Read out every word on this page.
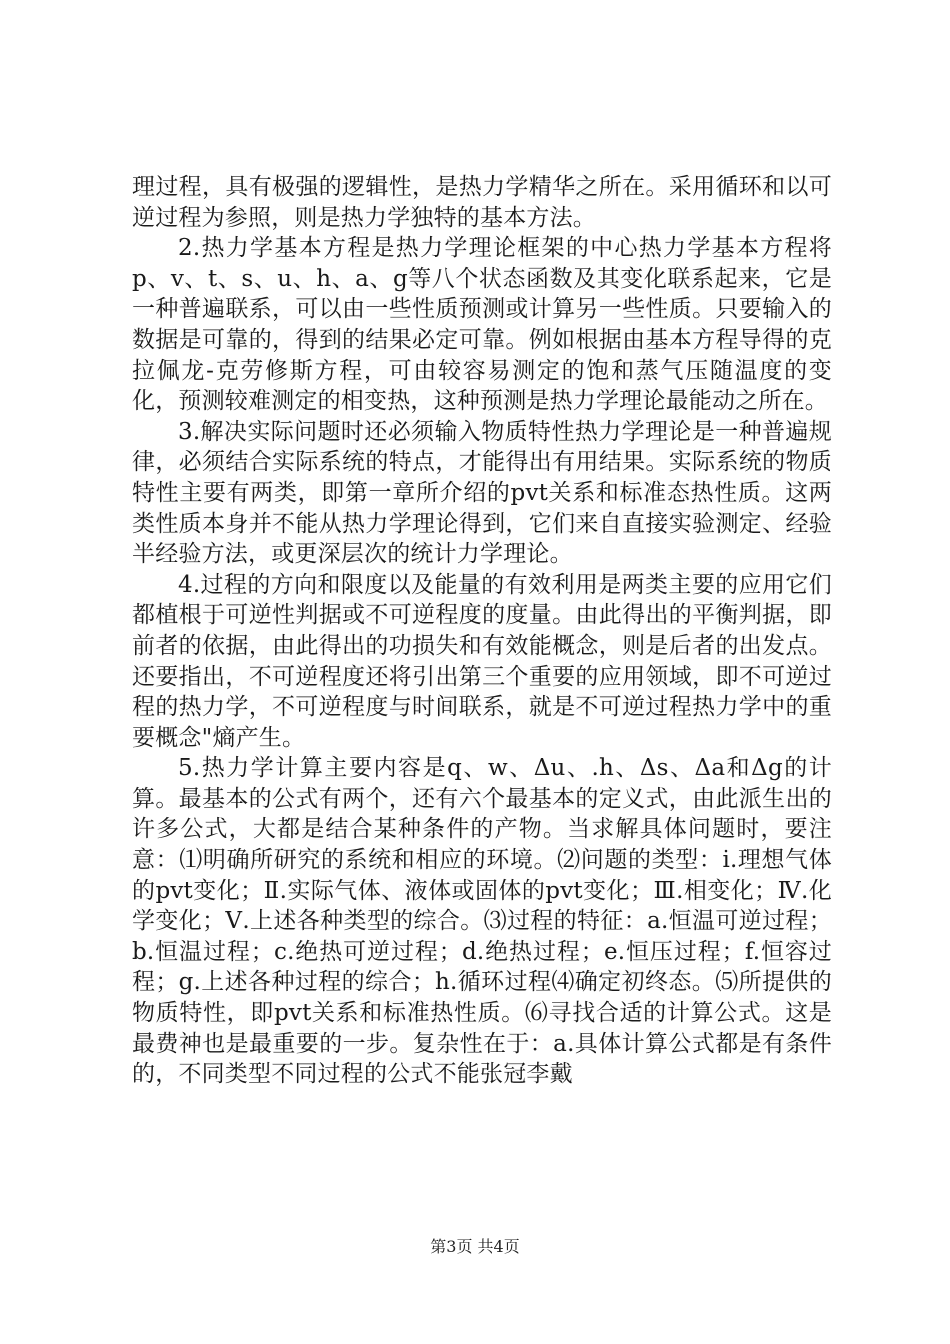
理过程，具有极强的逻辑性，是热力学精华之所在。采用循环和以可逆过程为参照，则是热力学独特的基本方法。

2.热力学基本方程是热力学理论框架的中心热力学基本方程将p、v、t、s、u、h、a、g等八个状态函数及其变化联系起来，它是一种普遍联系，可以由一些性质预测或计算另一些性质。只要输入的数据是可靠的，得到的结果必定可靠。例如根据由基本方程导得的克拉佩龙-克劳修斯方程，可由较容易测定的饱和蒸气压随温度的变化，预测较难测定的相变热，这种预测是热力学理论最能动之所在。

3.解决实际问题时还必须输入物质特性热力学理论是一种普遍规律，必须结合实际系统的特点，才能得出有用结果。实际系统的物质特性主要有两类，即第一章所介绍的pvt关系和标准态热性质。这两类性质本身并不能从热力学理论得到，它们来自直接实验测定、经验半经验方法，或更深层次的统计力学理论。

4.过程的方向和限度以及能量的有效利用是两类主要的应用它们都植根于可逆性判据或不可逆程度的度量。由此得出的平衡判据，即前者的依据，由此得出的功损失和有效能概念，则是后者的出发点。还要指出，不可逆程度还将引出第三个重要的应用领域，即不可逆过程的热力学，不可逆程度与时间联系，就是不可逆过程热力学中的重要概念"熵产生。

5.热力学计算主要内容是q、w、Δu、.h、Δs、Δa和Δg的计算。最基本的公式有两个，还有六个最基本的定义式，由此派生出的许多公式，大都是结合某种条件的产物。当求解具体问题时，要注意：⑴明确所研究的系统和相应的环境。⑵问题的类型：i.理想气体的pvt变化；Ⅱ.实际气体、液体或固体的pvt变化；Ⅲ.相变化；Ⅳ.化学变化；Ⅴ.上述各种类型的综合。⑶过程的特征：a.恒温可逆过程；b.恒温过程；c.绝热可逆过程；d.绝热过程；e.恒压过程；f.恒容过程；g.上述各种过程的综合；h.循环过程⑷确定初终态。⑸所提供的物质特性，即pvt关系和标准热性质。⑹寻找合适的计算公式。这是最费神也是最重要的一步。复杂性在于：a.具体计算公式都是有条件的，不同类型不同过程的公式不能张冠李戴

第3页 共4页
